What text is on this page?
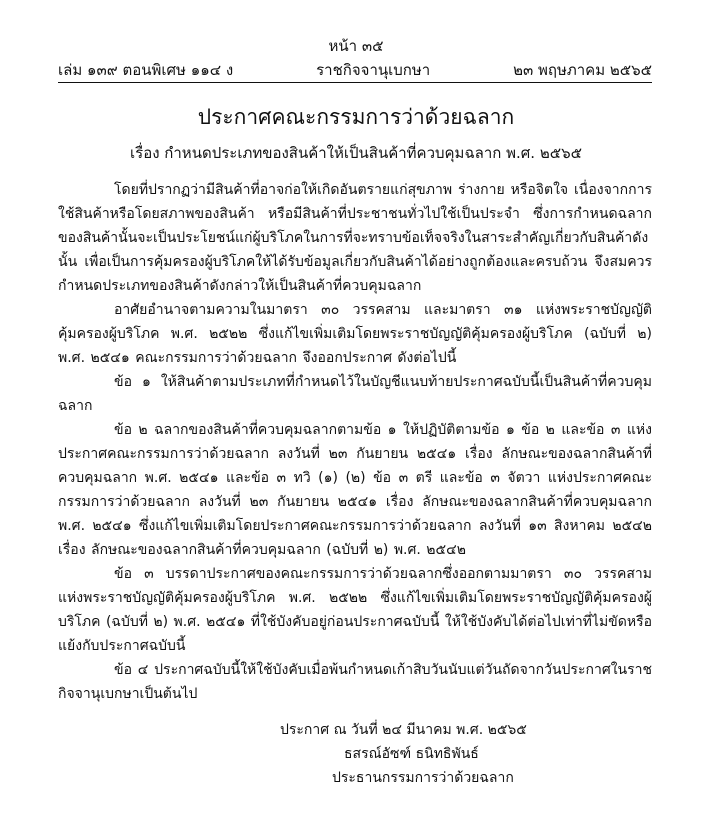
หน้า ๓๕
เล่ม ๑๓๙ ตอนพิเศษ ๑๑๔ ง	ราชกิจจานุเบกษา	๒๓ พฤษภาคม ๒๕๖๕
ประกาศคณะกรรมการว่าด้วยฉลาก
เรื่อง กำหนดประเภทของสินค้าให้เป็นสินค้าที่ควบคุมฉลาก พ.ศ. ๒๕๖๕

โดยที่ปรากฏว่ามีสินค้าที่อาจก่อให้เกิดอันตรายแก่สุขภาพ ร่างกาย หรือจิตใจ เนื่องจากการใช้สินค้าหรือโดยสภาพของสินค้า หรือมีสินค้าที่ประชาชนทั่วไปใช้เป็นประจำ ซึ่งการกำหนดฉลากของสินค้านั้นจะเป็นประโยชน์แก่ผู้บริโภคในการที่จะทราบข้อเท็จจริงในสาระสำคัญเกี่ยวกับสินค้าดังนั้น เพื่อเป็นการคุ้มครองผู้บริโภคให้ได้รับข้อมูลเกี่ยวกับสินค้าได้อย่างถูกต้องและครบถ้วน จึงสมควรกำหนดประเภทของสินค้าดังกล่าวให้เป็นสินค้าที่ควบคุมฉลาก

อาศัยอำนาจตามความในมาตรา ๓๐ วรรคสาม และมาตรา ๓๑ แห่งพระราชบัญญัติคุ้มครองผู้บริโภค พ.ศ. ๒๕๒๒ ซึ่งแก้ไขเพิ่มเติมโดยพระราชบัญญัติคุ้มครองผู้บริโภค (ฉบับที่ ๒) พ.ศ. ๒๕๔๑ คณะกรรมการว่าด้วยฉลาก จึงออกประกาศ ดังต่อไปนี้

ข้อ ๑ ให้สินค้าตามประเภทที่กำหนดไว้ในบัญชีแนบท้ายประกาศฉบับนี้เป็นสินค้าที่ควบคุมฉลาก

ข้อ ๒ ฉลากของสินค้าที่ควบคุมฉลากตามข้อ ๑ ให้ปฏิบัติตามข้อ ๑ ข้อ ๒ และข้อ ๓ แห่งประกาศคณะกรรมการว่าด้วยฉลาก ลงวันที่ ๒๓ กันยายน ๒๕๔๑ เรื่อง ลักษณะของฉลากสินค้าที่ควบคุมฉลาก พ.ศ. ๒๕๔๑ และข้อ ๓ ทวิ (๑) (๒) ข้อ ๓ ตรี และข้อ ๓ จัตวา แห่งประกาศคณะกรรมการว่าด้วยฉลาก ลงวันที่ ๒๓ กันยายน ๒๕๔๑ เรื่อง ลักษณะของฉลากสินค้าที่ควบคุมฉลาก พ.ศ. ๒๕๔๑ ซึ่งแก้ไขเพิ่มเติมโดยประกาศคณะกรรมการว่าด้วยฉลาก ลงวันที่ ๑๓ สิงหาคม ๒๕๔๒ เรื่อง ลักษณะของฉลากสินค้าที่ควบคุมฉลาก (ฉบับที่ ๒) พ.ศ. ๒๕๔๒

ข้อ ๓ บรรดาประกาศของคณะกรรมการว่าด้วยฉลากซึ่งออกตามมาตรา ๓๐ วรรคสาม แห่งพระราชบัญญัติคุ้มครองผู้บริโภค พ.ศ. ๒๕๒๒ ซึ่งแก้ไขเพิ่มเติมโดยพระราชบัญญัติคุ้มครองผู้บริโภค (ฉบับที่ ๒) พ.ศ. ๒๕๔๑ ที่ใช้บังคับอยู่ก่อนประกาศฉบับนี้ ให้ใช้บังคับได้ต่อไปเท่าที่ไม่ขัดหรือแย้งกับประกาศฉบับนี้

ข้อ ๔ ประกาศฉบับนี้ให้ใช้บังคับเมื่อพ้นกำหนดเก้าสิบวันนับแต่วันถัดจากวันประกาศในราชกิจจานุเบกษาเป็นต้นไป

ประกาศ ณ วันที่ ๒๔ มีนาคม พ.ศ. ๒๕๖๕
ธสรณ์อัซฑ์ ธนิทธิพันธ์
ประธานกรรมการว่าด้วยฉลาก
